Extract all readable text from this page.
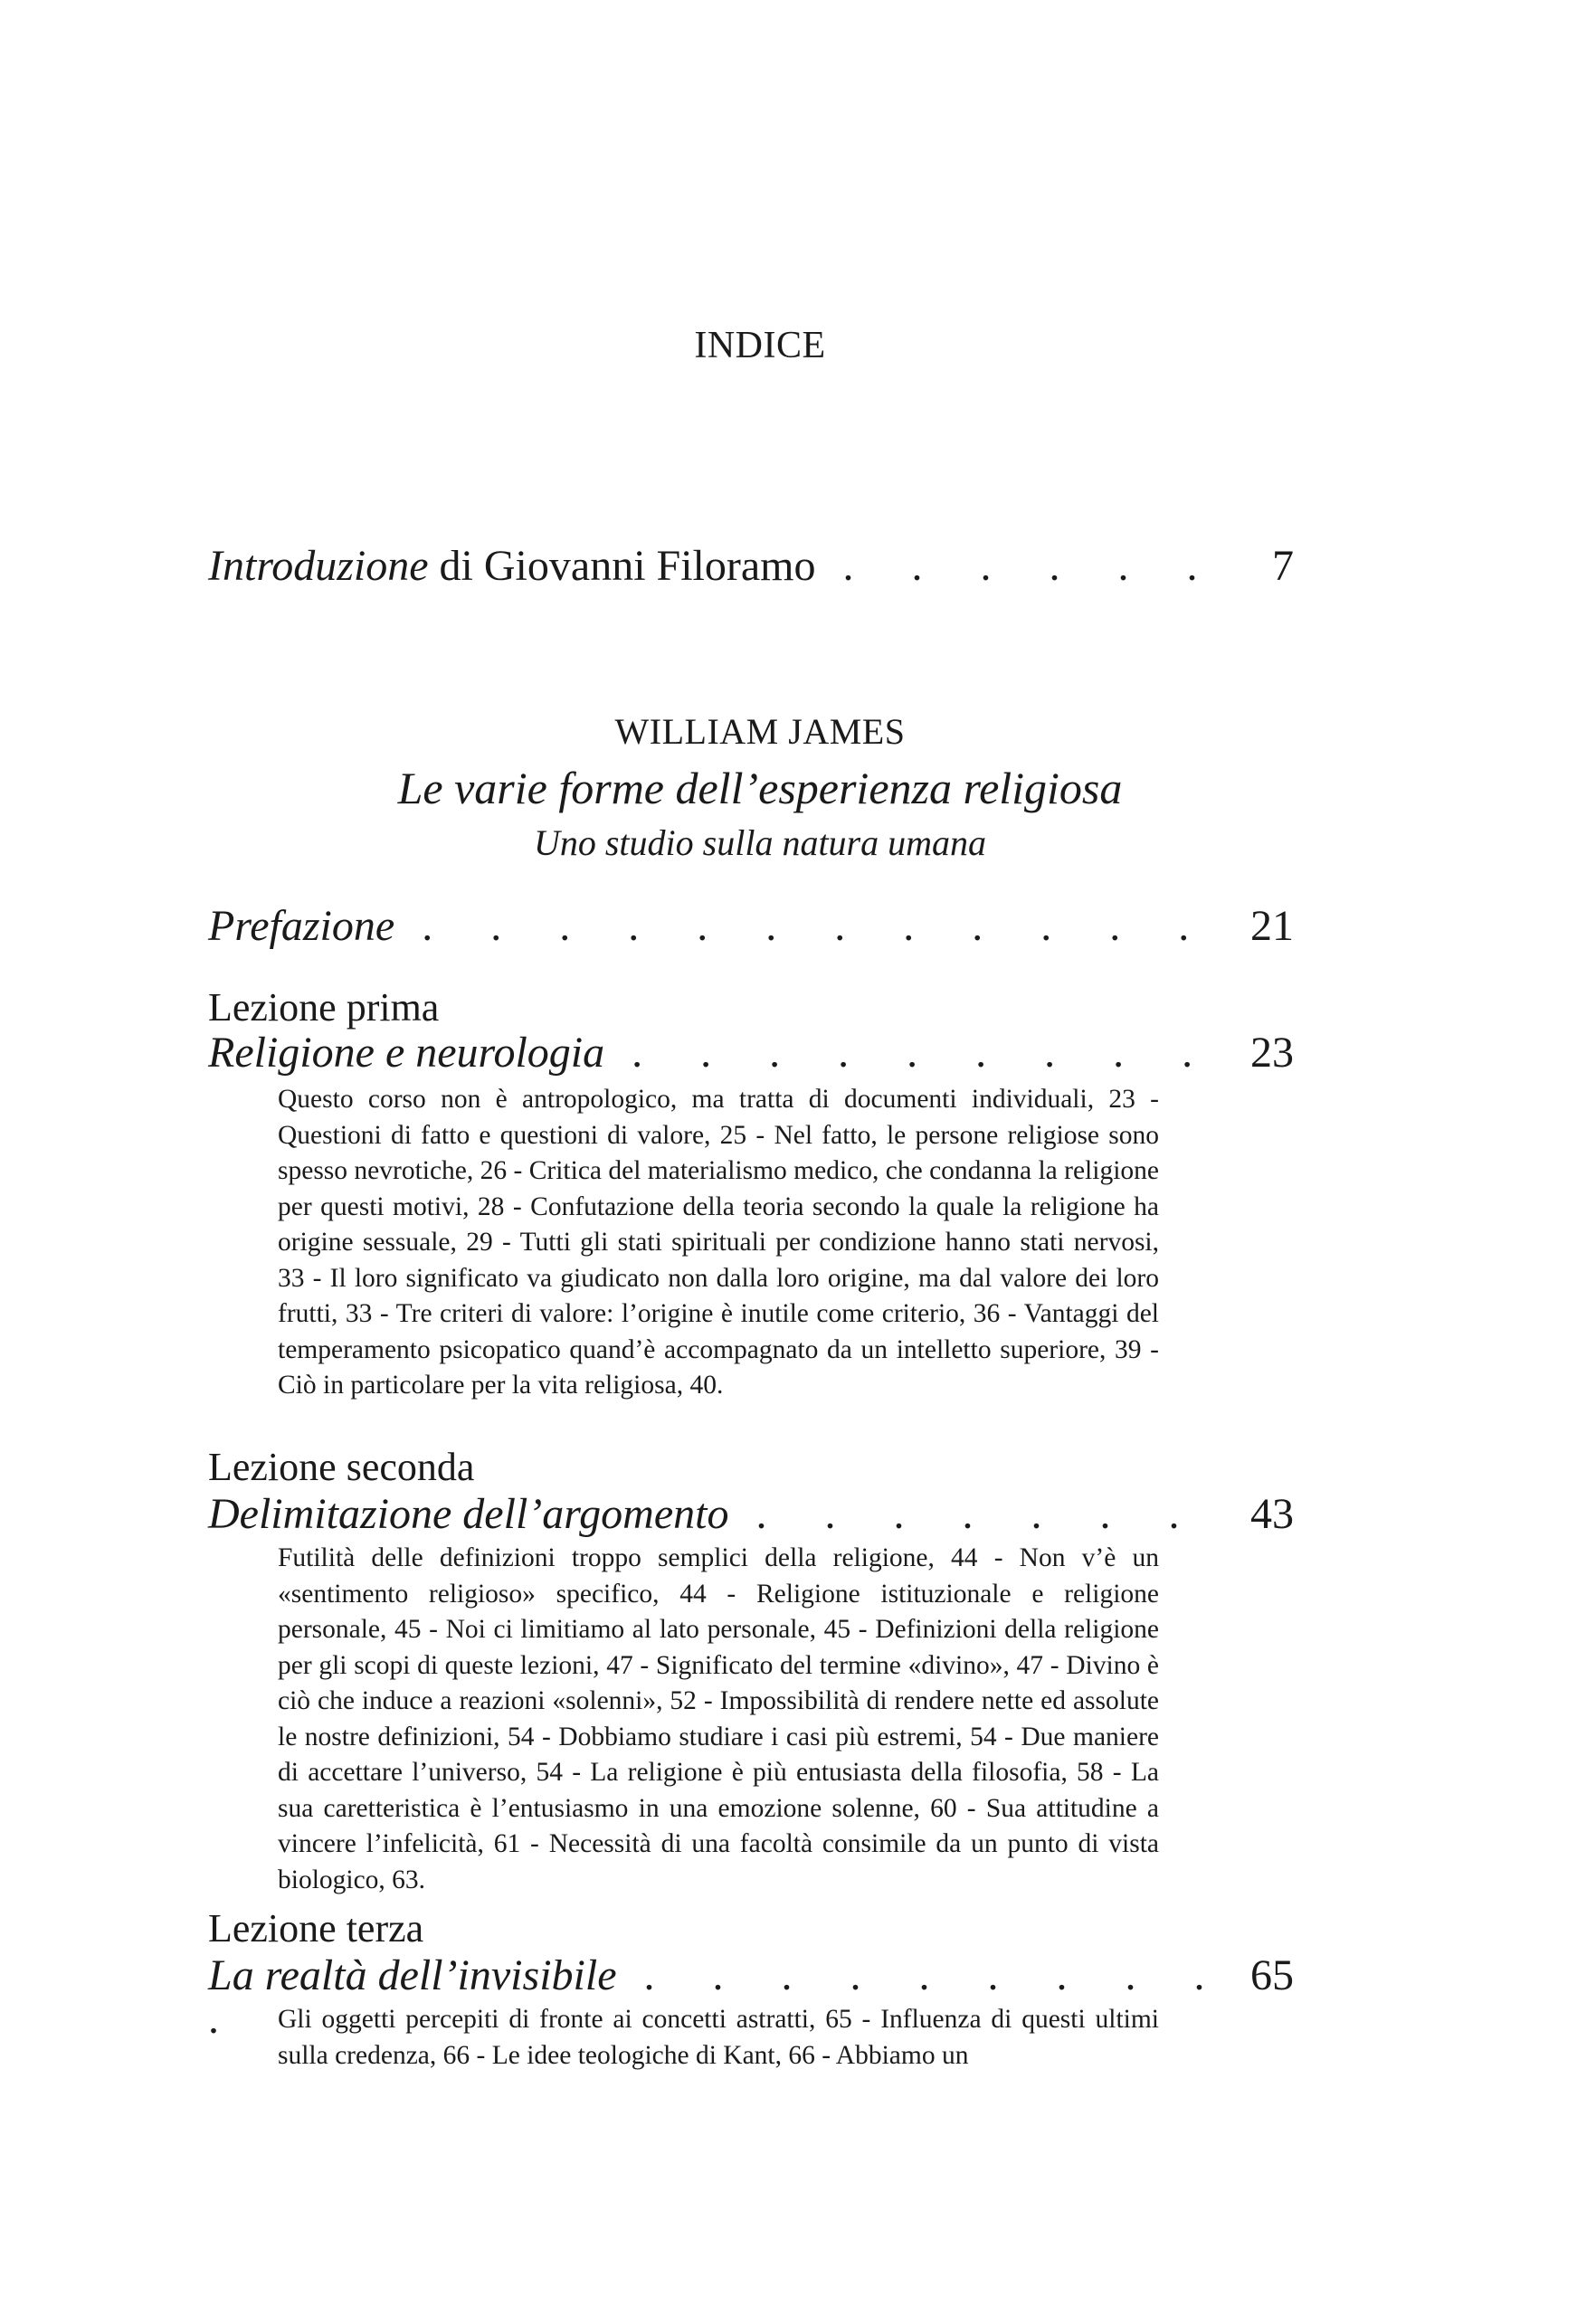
INDICE
Introduzione di Giovanni Filoramo . . . . . . 7
WILLIAM JAMES
Le varie forme dell’esperienza religiosa
Uno studio sulla natura umana
Prefazione . . . . . . . . . . . . 21
Lezione prima
Religione e neurologia . . . . . . . . . 23
Questo corso non è antropologico, ma tratta di documenti individuali, 23 - Questioni di fatto e questioni di valore, 25 - Nel fatto, le persone religiose sono spesso nevrotiche, 26 - Critica del materialismo medico, che condanna la religione per questi motivi, 28 - Confutazione della teoria secondo la quale la religione ha origine sessuale, 29 - Tutti gli stati spirituali per condizione hanno stati nervosi, 33 - Il loro significato va giudicato non dalla loro origine, ma dal valore dei loro frutti, 33 - Tre criteri di valore: l’origine è inutile come criterio, 36 - Vantaggi del temperamento psicopatico quand’è accompagnato da un intelletto superiore, 39 - Ciò in particolare per la vita religiosa, 40.
Lezione seconda
Delimitazione dell’argomento . . . . . . . 43
Futilità delle definizioni troppo semplici della religione, 44 - Non v’è un «sentimento religioso» specifico, 44 - Religione istituzionale e religione personale, 45 - Noi ci limitiamo al lato personale, 45 - Definizioni della religione per gli scopi di queste lezioni, 47 - Significato del termine «divino», 47 - Divino è ciò che induce a reazioni «solenni», 52 - Impossibilità di rendere nette ed assolute le nostre definizioni, 54 - Dobbiamo studiare i casi più estremi, 54 - Due maniere di accettare l’universo, 54 - La religione è più entusiasta della filosofia, 58 - La sua caretteristica è l’entusiasmo in una emozione solenne, 60 - Sua attitudine a vincere l’infelicità, 61 - Necessità di una facoltà consimile da un punto di vista biologico, 63.
Lezione terza
La realtà dell’invisibile . . . . . . . . . .
65
Gli oggetti percepiti di fronte ai concetti astratti, 65 - Influenza di questi ultimi sulla credenza, 66 - Le idee teologiche di Kant, 66 - Abbiamo un
